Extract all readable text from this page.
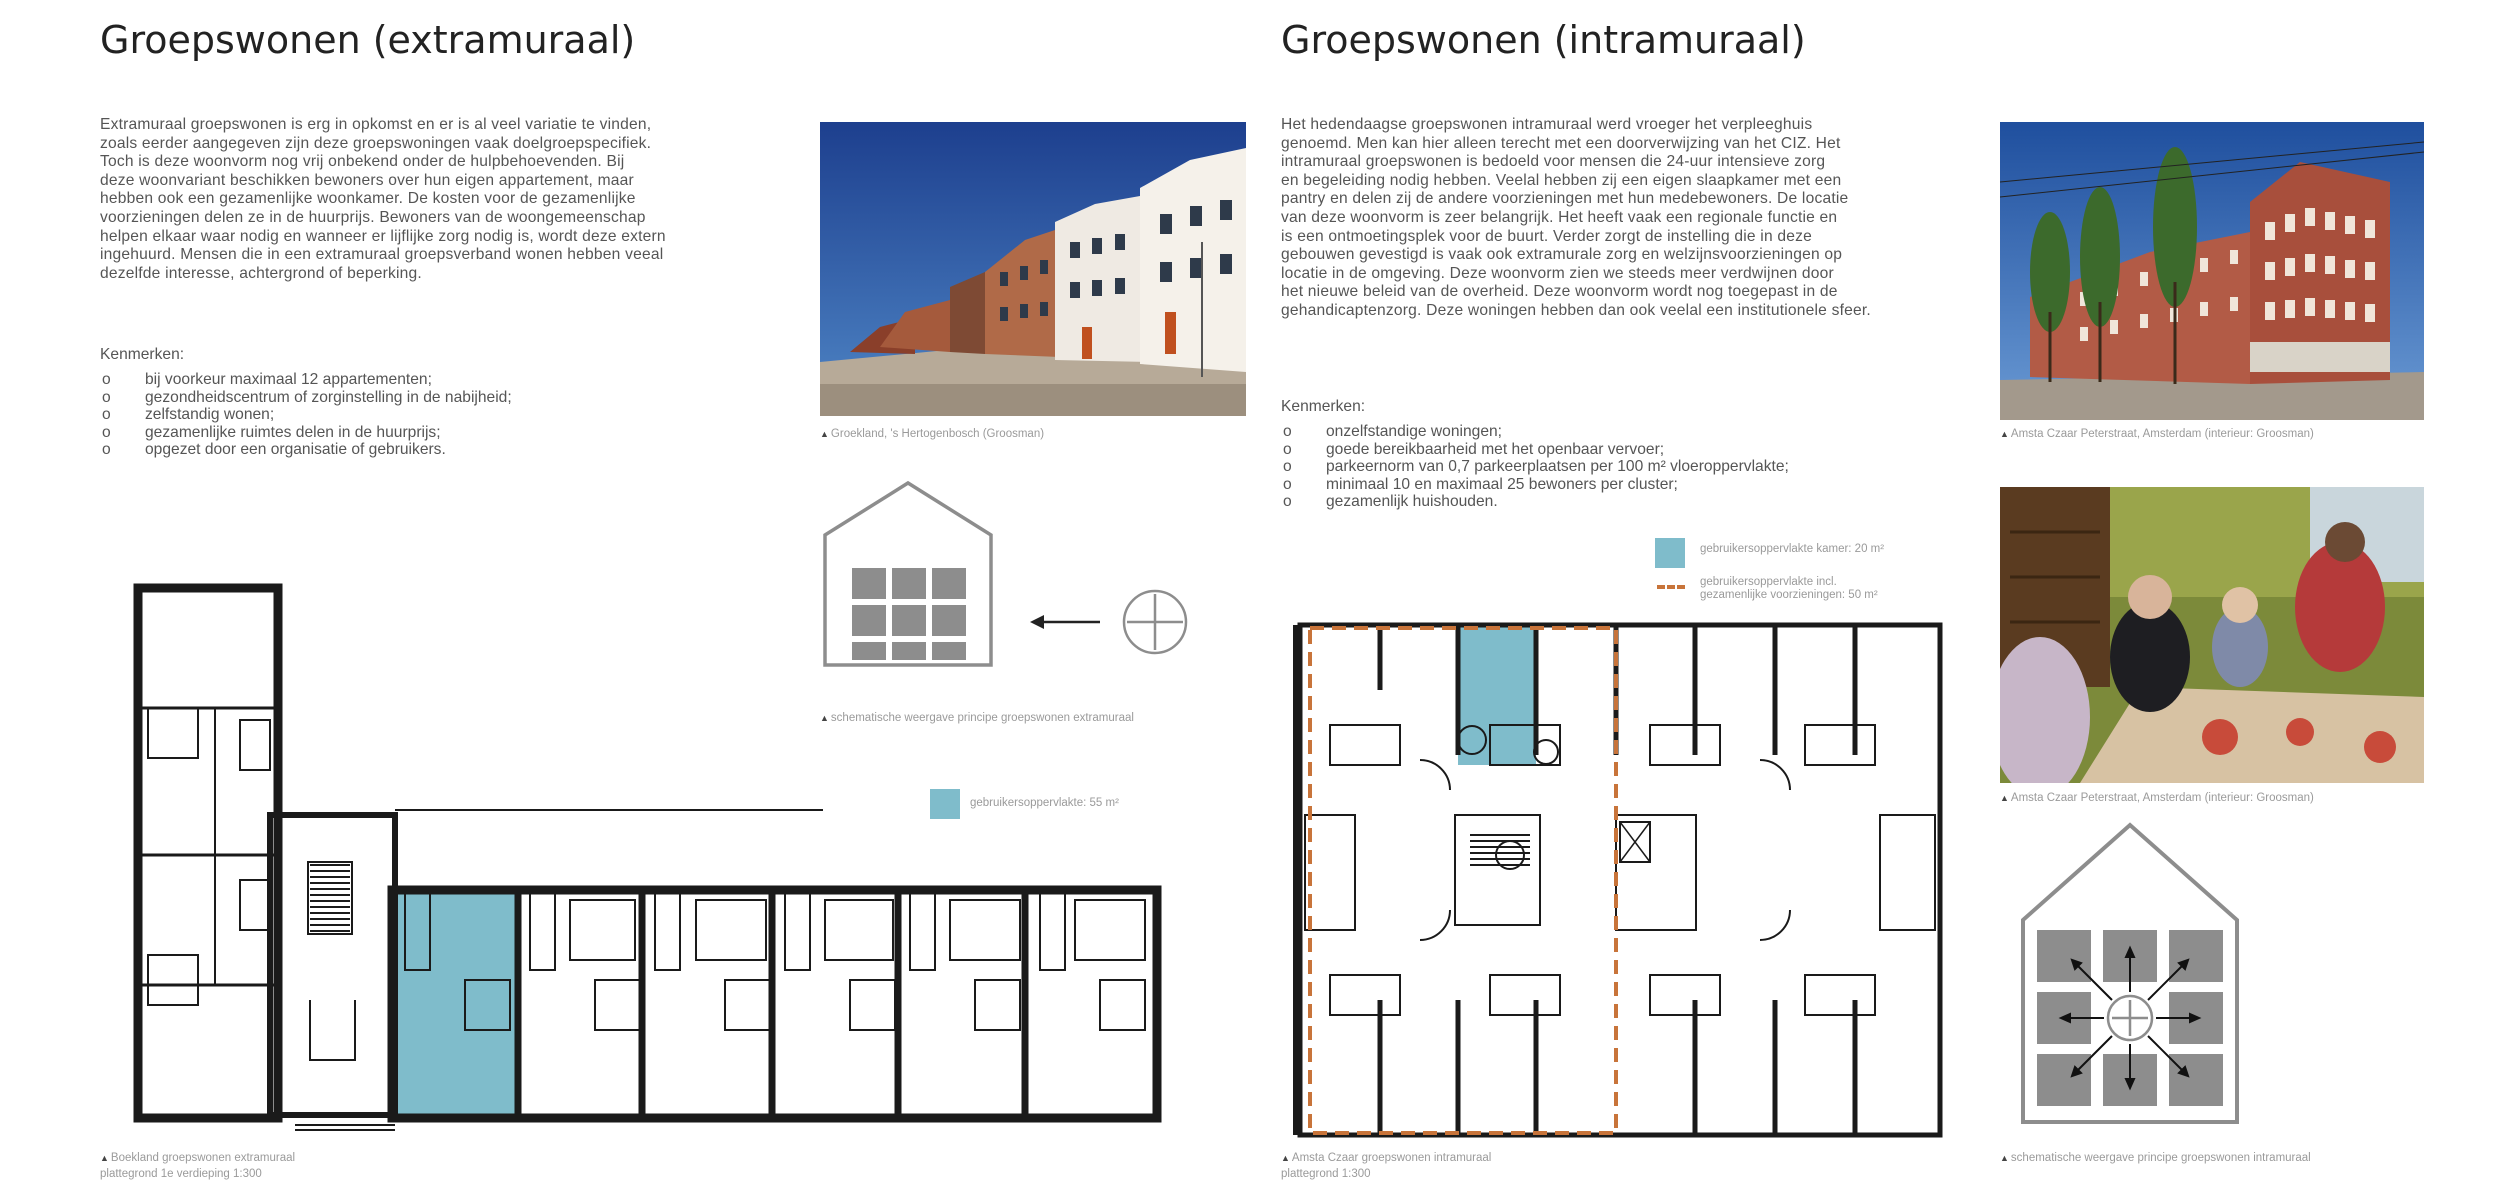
Groepswonen (extramuraal)
Extramuraal groepswonen is erg in opkomst en er is al veel variatie te vinden,
zoals eerder aangegeven zijn deze groepswoningen vaak doelgroepspecifiek.
Toch is deze woonvorm nog vrij onbekend onder de hulpbehoevenden. Bij
deze woonvariant beschikken bewoners over hun eigen appartement, maar
hebben ook een gezamenlijke woonkamer. De kosten voor de gezamenlijke
voorzieningen delen ze in de huurprijs. Bewoners van de woongemeenschap
helpen elkaar waar nodig en wanneer er lijflijke zorg nodig is, wordt deze extern
ingehuurd. Mensen die in een extramuraal groepsverband wonen hebben veeal
dezelfde interesse, achtergrond of beperking.
Kenmerken:
o bij voorkeur maximaal 12 appartementen;
o gezondheidscentrum of zorginstelling in de nabijheid;
o zelfstandig wonen;
o gezamenlijke ruimtes delen in de huurprijs;
o opgezet door een organisatie of gebruikers.
▲ Groekland, 's Hertogenbosch (Groosman)
▲ schematische weergave principe groepswonen extramuraal
gebruikersoppervlakte: 55 m²
▲ Boekland groepswonen extramuraal
plattegrond 1e verdieping 1:300
Groepswonen (intramuraal)
Het hedendaagse groepswonen intramuraal werd vroeger het verpleeghuis
genoemd. Men kan hier alleen terecht met een doorverwijzing van het CIZ. Het
intramuraal groepswonen is bedoeld voor mensen die 24-uur intensieve zorg
en begeleiding nodig hebben. Veelal hebben zij een eigen slaapkamer met een
pantry en delen zij de andere voorzieningen met hun medebewoners. De locatie
van deze woonvorm is zeer belangrijk. Het heeft vaak een regionale functie en
is een ontmoetingsplek voor de buurt. Verder zorgt de instelling die in deze
gebouwen gevestigd is vaak ook extramurale zorg en welzijnsvoorzieningen op
locatie in de omgeving. Deze woonvorm zien we steeds meer verdwijnen door
het nieuwe beleid van de overheid. Deze woonvorm wordt nog toegepast in de
gehandicaptenzorg. Deze woningen hebben dan ook veelal een institutionele sfeer.
Kenmerken:
o onzelfstandige woningen;
o goede bereikbaarheid met het openbaar vervoer;
o parkeernorm van 0,7 parkeerplaatsen per 100 m² vloeroppervlakte;
o minimaal 10 en maximaal 25 bewoners per cluster;
o gezamenlijk huishouden.
gebruikersoppervlakte kamer: 20 m²
gebruikersoppervlakte incl.
gezamenlijke voorzieningen: 50 m²
▲ Amsta Czaar Peterstraat, Amsterdam (interieur: Groosman)
▲ Amsta Czaar Peterstraat, Amsterdam (interieur: Groosman)
▲ schematische weergave principe groepswonen intramuraal
▲ Amsta Czaar groepswonen intramuraal
plattegrond 1:300
